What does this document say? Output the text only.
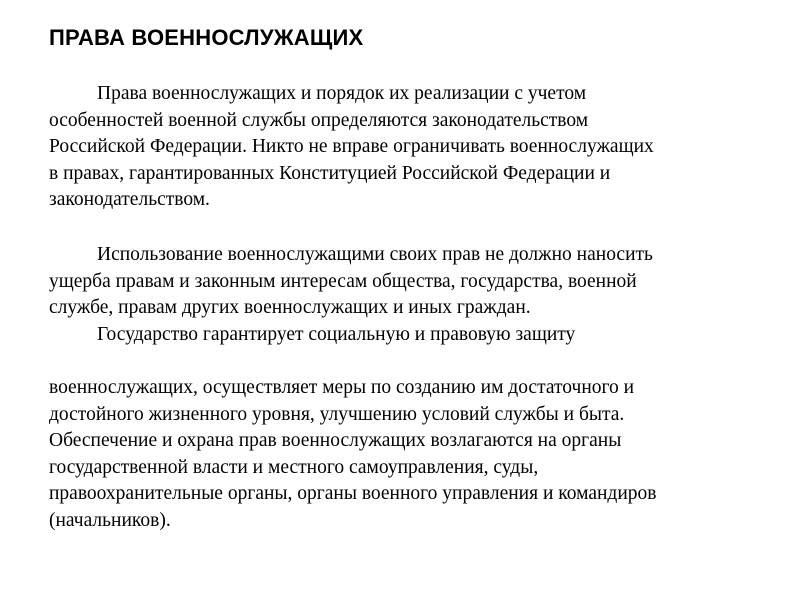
ПРАВА ВОЕННОСЛУЖАЩИХ
Права военнослужащих и порядок их реализации с учетом
особенностей военной службы определяются законодательством
Российской Федерации. Никто не вправе ограничивать военнослужащих
в правах, гарантированных Конституцией Российской Федерации и
законодательством.
Использование военнослужащими своих прав не должно наносить
ущерба правам и законным интересам общества, государства, военной
службе, правам других военнослужащих и иных граждан.
Государство гарантирует социальную и правовую защиту
военнослужащих, осуществляет меры по созданию им достаточного и
достойного жизненного уровня, улучшению условий службы и быта.
Обеспечение и охрана прав военнослужащих возлагаются на органы
государственной власти и местного самоуправления, суды,
правоохранительные органы, органы военного управления и командиров
(начальников).
